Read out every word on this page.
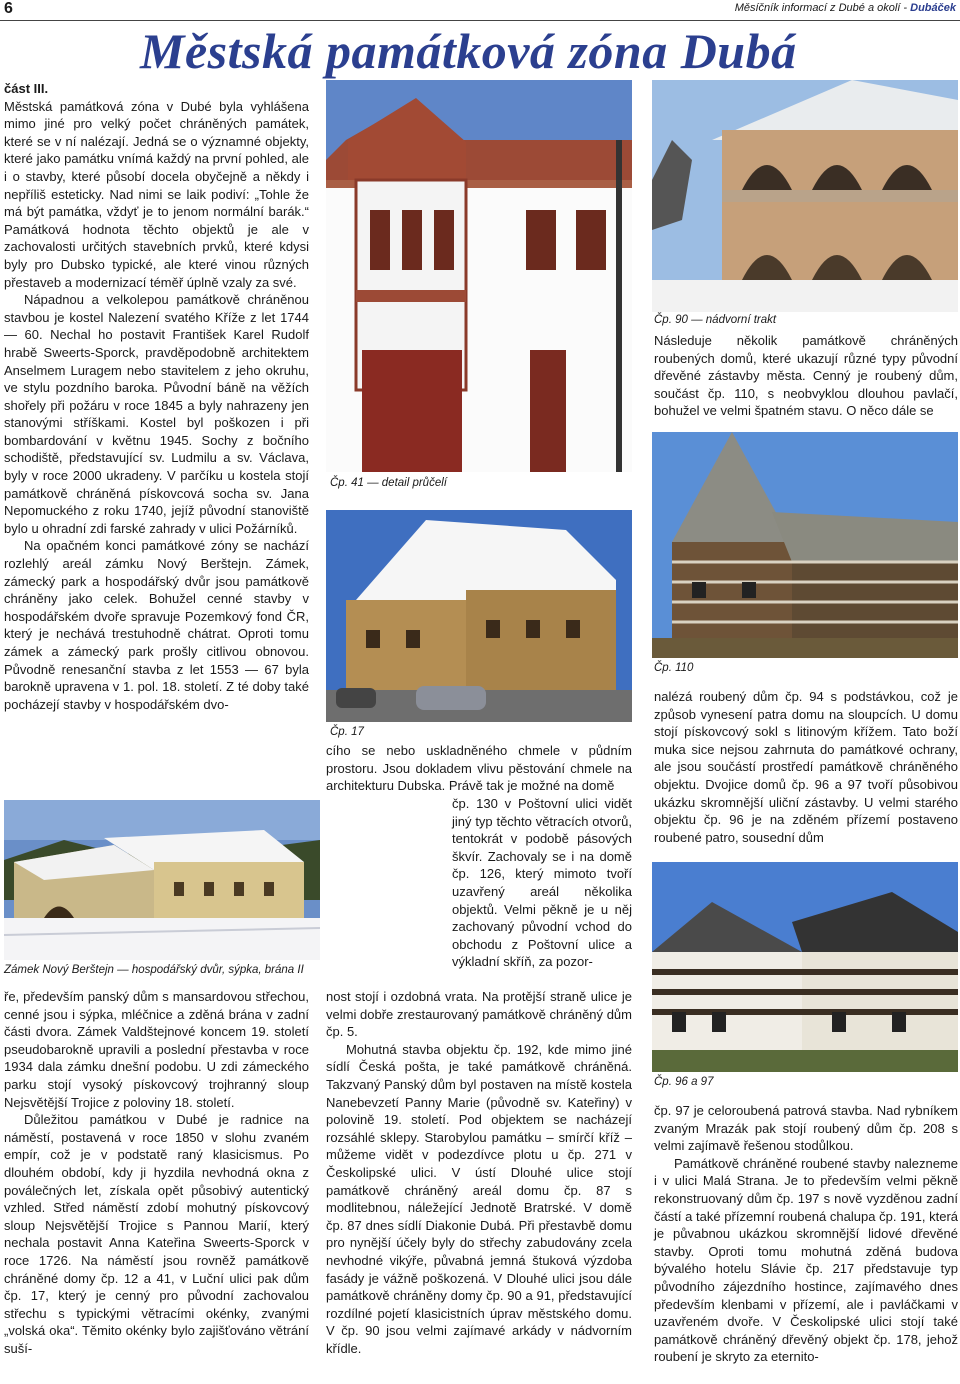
6	Měsíčník informací z Dubé a okolí - Dubáček
Městská památková zóna Dubá

část III.

Městská památková zóna v Dubé byla vyhlášena mimo jiné pro velký počet chráněných památek, které se v ní nalézají. Jedná se o významné objekty, které jako památku vnímá každý na první pohled, ale i o stavby, které působí docela obyčejně a někdy i nepříliš esteticky. Nad nimi se laik podiví: „Tohle že má být památka, vždyť je to jenom normální barák.“ Památková hodnota těchto objektů je ale v zachovalosti určitých stavebních prvků, které kdysi byly pro Dubsko typické, ale které vinou různých přestaveb a modernizací téměř úplně vzaly za své.

Nápadnou a velkolepou památkově chráněnou stavbou je kostel Nalezení svatého Kříže z let 1744 — 60. Nechal ho postavit František Karel Rudolf hrabě Sweerts-Sporck, pravděpodobně architektem Anselmem Luragem nebo stavitelem z jeho okruhu, ve stylu pozdního baroka. Původní báně na věžích shořely při požáru v roce 1845 a byly nahrazeny jen stanovými stříškami. Kostel byl poškozen i při bombardování v květnu 1945. Sochy z bočního schodiště, představující sv. Ludmilu a sv. Václava, byly v roce 2000 ukradeny. V parčíku u kostela stojí památkově chráněná pískovcová socha sv. Jana Nepomuckého z roku 1740, jejíž původní stanoviště bylo u ohradní zdi farské zahrady v ulici Požárníků.

Na opačném konci památkové zóny se nachází rozlehlý areál zámku Nový Berštejn. Zámek, zámecký park a hospodářský dvůr jsou památkově chráněny jako celek. Bohužel cenné stavby v hospodářském dvoře spravuje Pozemkový fond ČR, který je nechává trestuhodně chátrat. Oproti tomu zámek a zámecký park prošly citlivou obnovou. Původně renesanční stavba z let 1553 — 67 byla barokně upravena v 1. pol. 18. století. Z té doby také pocházejí stavby v hospodářském dvo-

Zámek Nový Berštejn — hospodářský dvůr, sýpka, brána II

ře, především panský dům s mansardovou střechou, cenné jsou i sýpka, mléčnice a zděná brána v zadní části dvora. Zámek Valdštejnové koncem 19. století pseudobarokně upravili a poslední přestavba v roce 1934 dala zámku dnešní podobu. U zdi zámeckého parku stojí vysoký pískovcový trojhranný sloup Nejsvětější Trojice z poloviny 18. století.

Důležitou památkou v Dubé je radnice na náměstí, postavená v roce 1850 v slohu zvaném empír, což je v podstatě raný klasicismus. Po dlouhém období, kdy ji hyzdila nevhodná okna z poválečných let, získala opět působivý autentický vzhled. Střed náměstí zdobí mohutný pískovcový sloup Nejsvětější Trojice s Pannou Marií, který nechala postavit Anna Kateřina Sweerts-Sporck v roce 1726. Na náměstí jsou rovněž památkově chráněné domy čp. 12 a 41, v Luční ulici pak dům čp. 17, který je cenný pro původní zachovalou střechu s typickými větracími okénky, zvanými „volská oka“. Těmito okénky bylo zajišťováno větrání suší-

Čp. 41 — detail průčelí
Čp. 17

cího se nebo uskladněného chmele v půdním prostoru. Jsou dokladem vlivu pěstování chmele na architekturu Dubska. Právě tak je možné na domě

čp. 130 v Poštovní ulici vidět jiný typ těchto větracích otvorů, tentokrát v podobě pásových škvír. Zachovaly se i na domě čp. 126, který mimoto tvoří uzavřený areál několika objektů. Velmi pěkně je u něj zachovaný původní vchod do obchodu z Poštovní ulice a výkladní skříň, za pozor-

nost stojí i ozdobná vrata. Na protější straně ulice je velmi dobře zrestaurovaný památkově chráněný dům čp. 5.

Mohutná stavba objektu čp. 192, kde mimo jiné sídlí Česká pošta, je také památkově chráněná. Takzvaný Panský dům byl postaven na místě kostela Nanebevzetí Panny Marie (původně sv. Kateřiny) v polovině 19. století. Pod objektem se nacházejí rozsáhlé sklepy. Starobylou památku – smírčí kříž – můžeme vidět v podezdívce plotu u čp. 271 v Českolipské ulici. V ústí Dlouhé ulice stojí památkově chráněný areál domu čp. 87 s modlitebnou, náležející Jednotě Bratrské. V domě čp. 87 dnes sídlí Diakonie Dubá. Při přestavbě domu pro nynější účely byly do střechy zabudovány zcela nevhodné vikýře, půvabná jemná štuková výzdoba fasády je vážně poškozená. V Dlouhé ulici jsou dále památkově chráněny domy čp. 90 a 91, představující rozdílné pojetí klasicistních úprav městského domu. V čp. 90 jsou velmi zajímavé arkády v nádvorním křídle.

Čp. 90 — nádvorní trakt

Následuje několik památkově chráněných roubených domů, které ukazují různé typy původní dřevěné zástavby města. Cenný je roubený dům, součást čp. 110, s neobvyklou dlouhou pavlačí, bohužel ve velmi špatném stavu. O něco dále se

Čp. 110

nalézá roubený dům čp. 94 s podstávkou, což je způsob vynesení patra domu na sloupcích. U domu stojí pískovcový sokl s litinovým křížem. Tato boží muka sice nejsou zahrnuta do památkové ochrany, ale jsou součástí prostředí památkově chráněného objektu. Dvojice domů čp. 96 a 97 tvoří působivou ukázku skromnější uliční zástavby. U velmi starého objektu čp. 96 je na zděném přízemí postaveno roubené patro, sousední dům

Čp. 96 a 97

čp. 97 je celoroubená patrová stavba. Nad rybníkem zvaným Mrazák pak stojí roubený dům čp. 208 s velmi zajímavě řešenou stodůlkou.

Památkově chráněné roubené stavby nalezneme i v ulici Malá Strana. Je to především velmi pěkně rekonstruovaný dům čp. 197 s nově vyzděnou zadní částí a také přízemní roubená chalupa čp. 191, která je půvabnou ukázkou skromnější lidové dřevěné stavby. Oproti tomu mohutná zděná budova bývalého hotelu Slávie čp. 217 představuje typ původního zájezdního hostince, zajímavého dnes především klenbami v přízemí, ale i pavláčkami v uzavřeném dvoře. V Českolipské ulici stojí také památkově chráněný dřevěný objekt čp. 178, jehož roubení je skryto za eternito-
